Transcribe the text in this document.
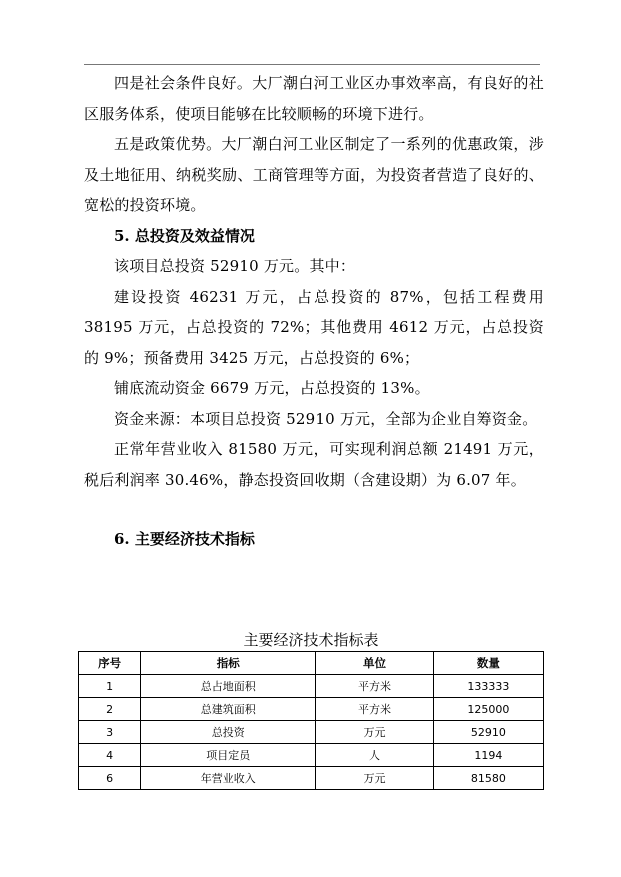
四是社会条件良好。大厂潮白河工业区办事效率高，有良好的社区服务体系，使项目能够在比较顺畅的环境下进行。

五是政策优势。大厂潮白河工业区制定了一系列的优惠政策，涉及土地征用、纳税奖励、工商管理等方面，为投资者营造了良好的、宽松的投资环境。

5. 总投资及效益情况

该项目总投资 52910 万元。其中：

建设投资 46231 万元，占总投资的 87%，包括工程费用 38195 万元，占总投资的 72%；其他费用 4612 万元，占总投资的 9%；预备费用 3425 万元，占总投资的 6%；

铺底流动资金 6679 万元，占总投资的 13%。

资金来源：本项目总投资 52910 万元，全部为企业自筹资金。

正常年营业收入 81580 万元，可实现利润总额 21491 万元，税后利润率 30.46%，静态投资回收期（含建设期）为 6.07 年。

6. 主要经济技术指标

主要经济技术指标表
序号	指标	单位	数量
1	总占地面积	平方米	133333
2	总建筑面积	平方米	125000
3	总投资	万元	52910
4	项目定员	人	1194
6	年营业收入	万元	81580
